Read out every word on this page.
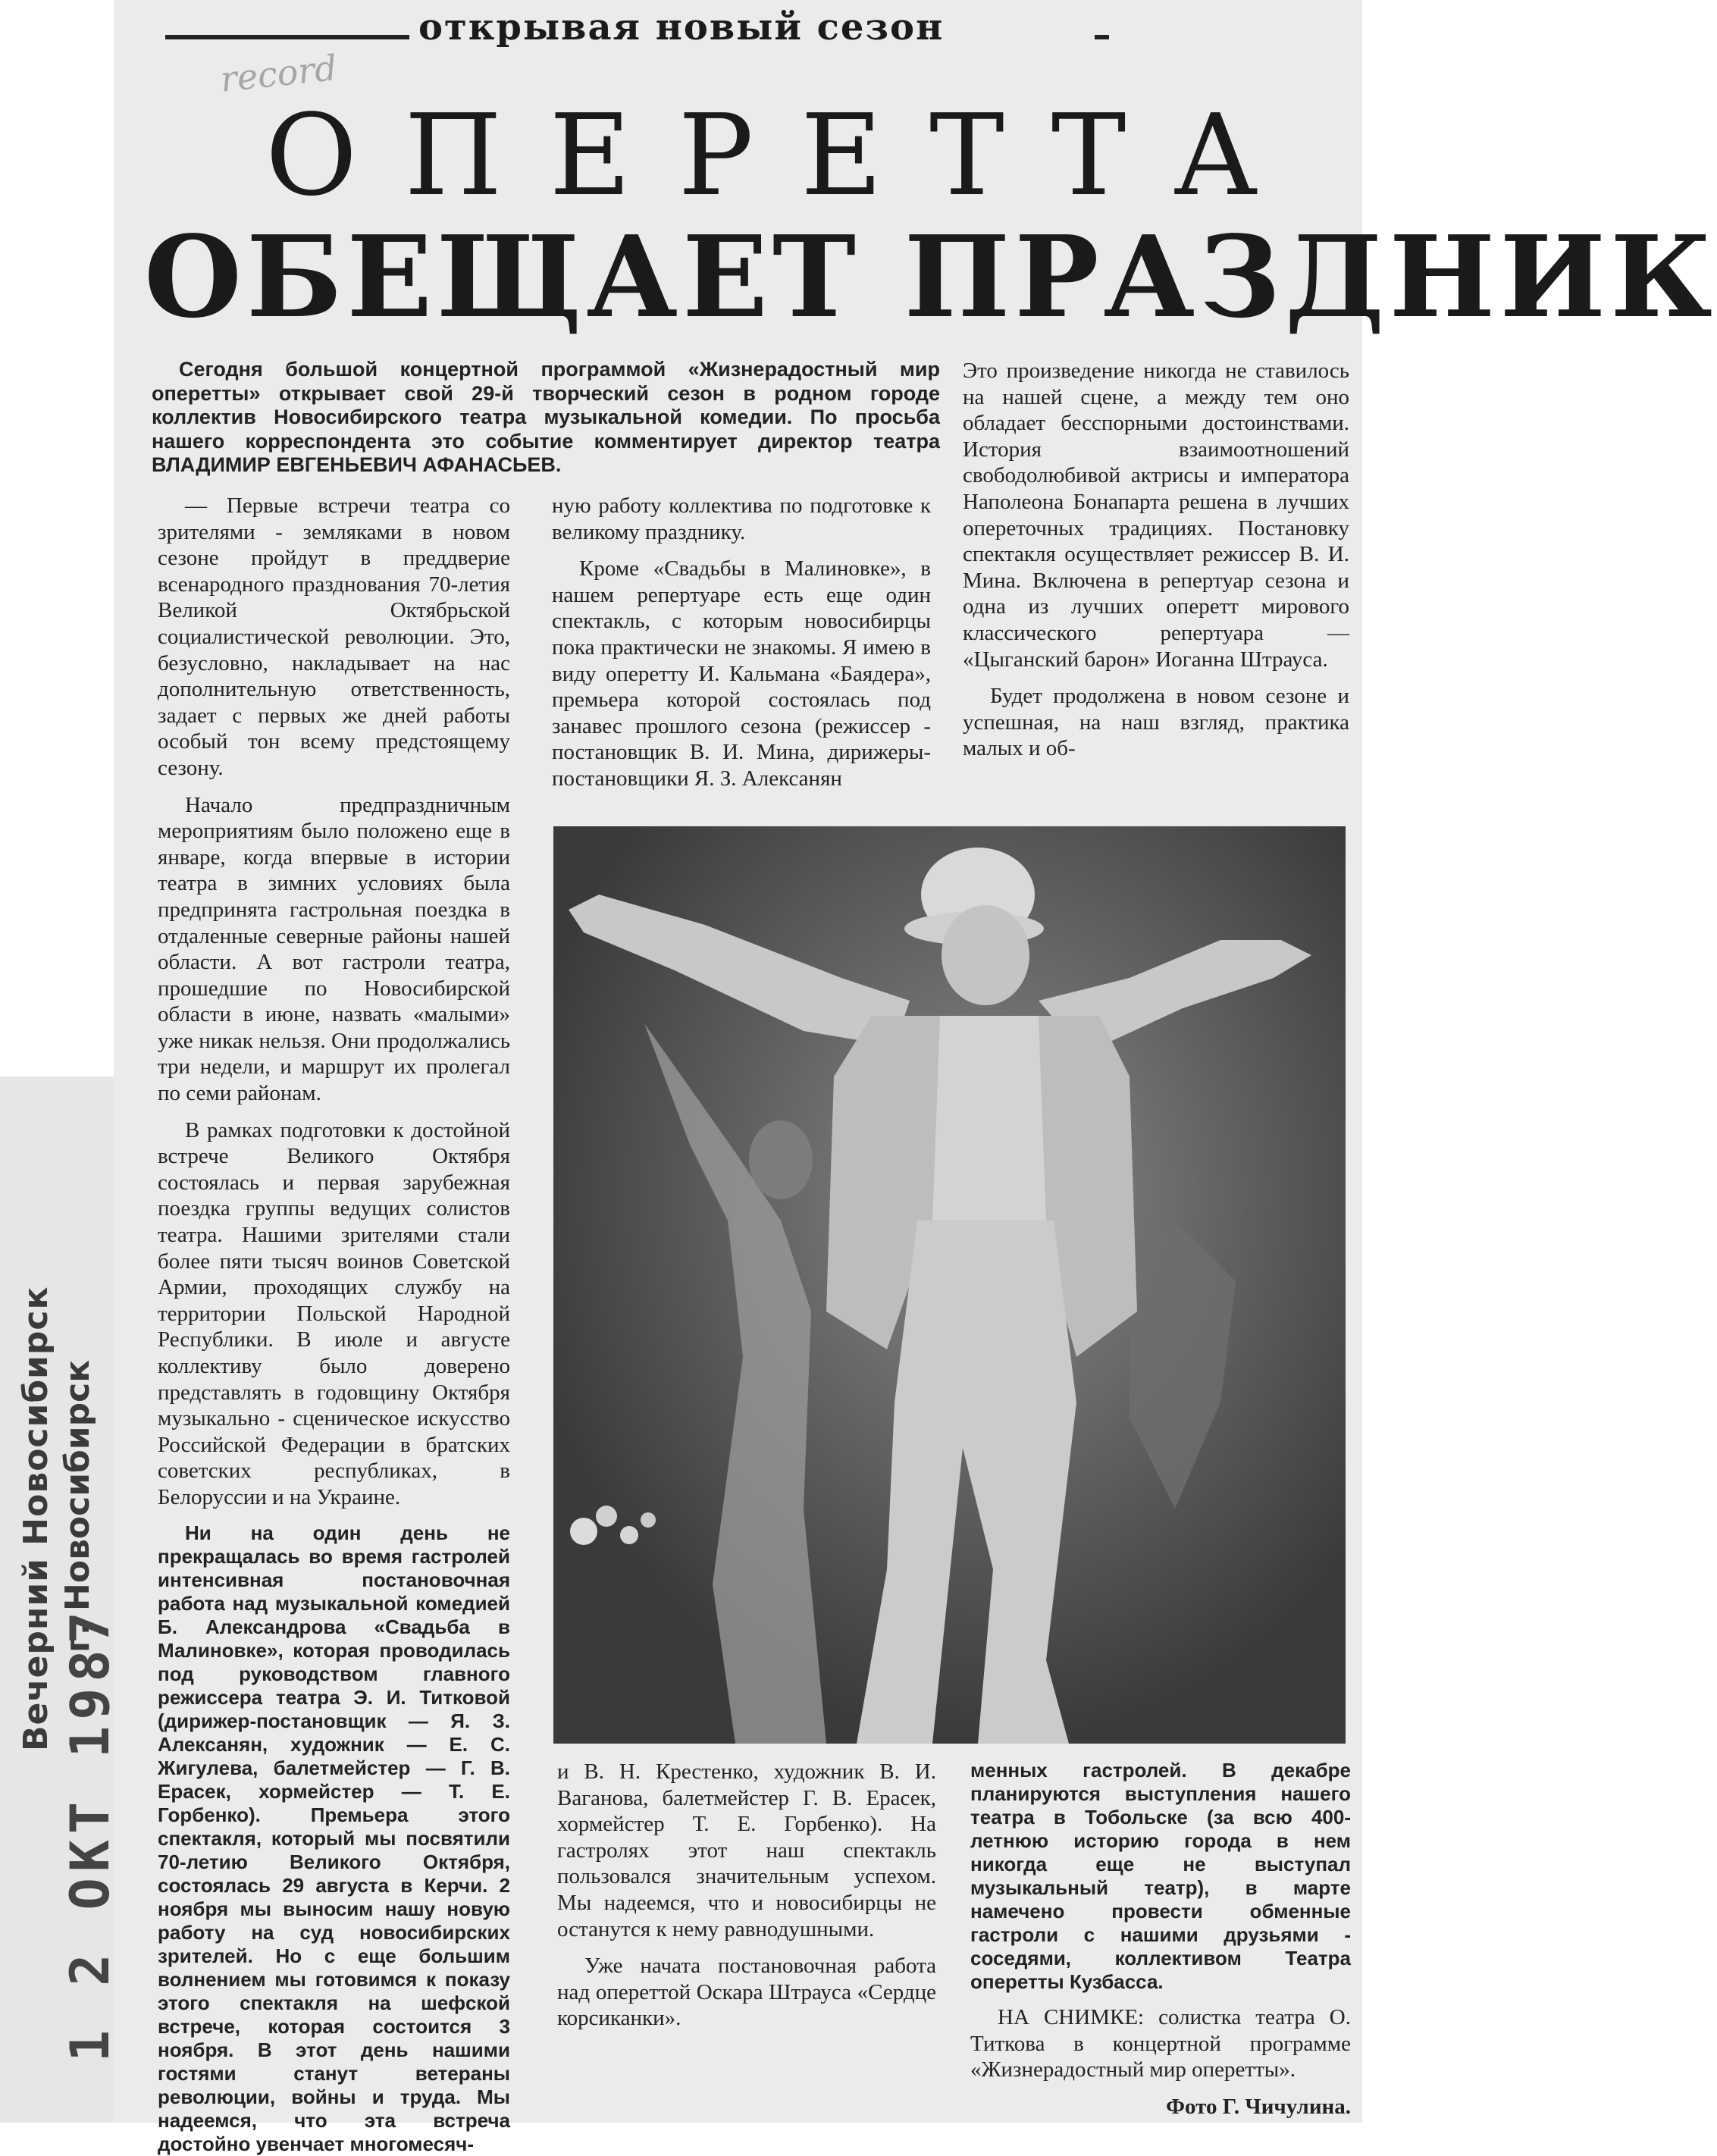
Вечерний Новосибирск г. Новосибирск
1 2 ОКТ 1987
открывая новый сезон
record
ОПЕРЕТТА
ОБЕЩАЕТ ПРАЗДНИК
Сегодня большой концертной программой «Жизнерадостный мир оперетты» открывает свой 29-й творческий сезон в родном городе коллектив Новосибирского театра музыкальной комедии. По просьба нашего корреспондента это событие комментирует директор театра ВЛАДИМИР ЕВГЕНЬЕВИЧ АФАНАСЬЕВ.

— Первые встречи театра со зрителями - земляками в новом сезоне пройдут в преддверие всенародного празднования 70-летия Великой Октябрьской социалистической революции. Это, безусловно, накладывает на нас дополнительную ответственность, задает с первых же дней работы особый тон всему предстоящему сезону.

Начало предпраздничным мероприятиям было положено еще в январе, когда впервые в истории театра в зимних условиях была предпринята гастрольная поездка в отдаленные северные районы нашей области. А вот гастроли театра, прошедшие по Новосибирской области в июне, назвать «малыми» уже никак нельзя. Они продолжались три недели, и маршрут их пролегал по семи районам.

В рамках подготовки к достойной встрече Великого Октября состоялась и первая зарубежная поездка группы ведущих солистов театра. Нашими зрителями стали более пяти тысяч воинов Советской Армии, проходящих службу на территории Польской Народной Республики. В июле и августе коллективу было доверено представлять в годовщину Октября музыкально - сценическое искусство Российской Федерации в братских советских республиках, в Белоруссии и на Украине.

Ни на один день не прекращалась во время гастролей интенсивная постановочная работа над музыкальной комедией Б. Александрова «Свадьба в Малиновке», которая проводилась под руководством главного режиссера театра Э. И. Титковой (дирижер-постановщик — Я. З. Алексанян, художник — Е. С. Жигулева, балетмейстер — Г. В. Ерасек, хормейстер — Т. Е. Горбенко). Премьера этого спектакля, который мы посвятили 70-летию Великого Октября, состоялась 29 августа в Керчи. 2 ноября мы выносим нашу новую работу на суд новосибирских зрителей. Но с еще большим волнением мы готовимся к показу этого спектакля на шефской встрече, которая состоится 3 ноября. В этот день нашими гостями станут ветераны революции, войны и труда. Мы надеемся, что эта встреча достойно увенчает многомесяч-

ную работу коллектива по подготовке к великому празднику.

Кроме «Свадьбы в Малиновке», в нашем репертуаре есть еще один спектакль, с которым новосибирцы пока практически не знакомы. Я имею в виду оперетту И. Кальмана «Баядера», премьера которой состоялась под занавес прошлого сезона (режиссер - постановщик В. И. Мина, дирижеры-постановщики Я. З. Алексанян

Это произведение никогда не ставилось на нашей сцене, а между тем оно обладает бесспорными достоинствами. История взаимоотношений свободолюбивой актрисы и императора Наполеона Бонапарта решена в лучших опереточных традициях. Постановку спектакля осуществляет режиссер В. И. Мина. Включена в репертуар сезона и одна из лучших оперетт мирового классического репертуара — «Цыганский барон» Иоганна Штрауса.

Будет продолжена в новом сезоне и успешная, на наш взгляд, практика малых и об-

и В. Н. Крестенко, художник В. И. Ваганова, балетмейстер Г. В. Ерасек, хормейстер Т. Е. Горбенко). На гастролях этот наш спектакль пользовался значительным успехом. Мы надеемся, что и новосибирцы не останутся к нему равнодушными.

Уже начата постановочная работа над опереттой Оскара Штрауса «Сердце корсиканки».

менных гастролей. В декабре планируются выступления нашего театра в Тобольске (за всю 400-летнюю историю города в нем никогда еще не выступал музыкальный театр), в марте намечено провести обменные гастроли с нашими друзьями - соседями, коллективом Театра оперетты Кузбасса.

НА СНИМКЕ: солистка театра О. Титкова в концертной программе «Жизнерадостный мир оперетты».

Фото Г. Чичулина.
